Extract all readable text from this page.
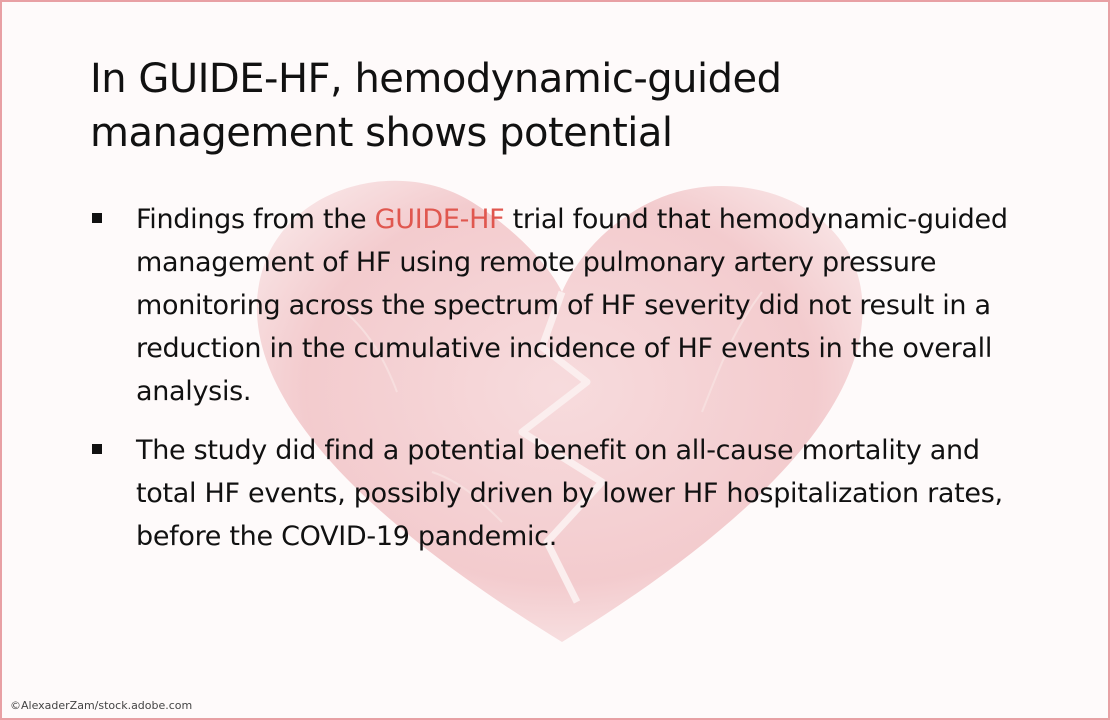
In GUIDE-HF, hemodynamic-guided management shows potential
Findings from the GUIDE-HF trial found that hemodynamic-guided management of HF using remote pulmonary artery pressure monitoring across the spectrum of HF severity did not result in a reduction in the cumulative incidence of HF events in the overall analysis.
The study did find a potential benefit on all-cause mortality and total HF events, possibly driven by lower HF hospitalization rates, before the COVID-19 pandemic.
©AlexaderZam/stock.adobe.com
